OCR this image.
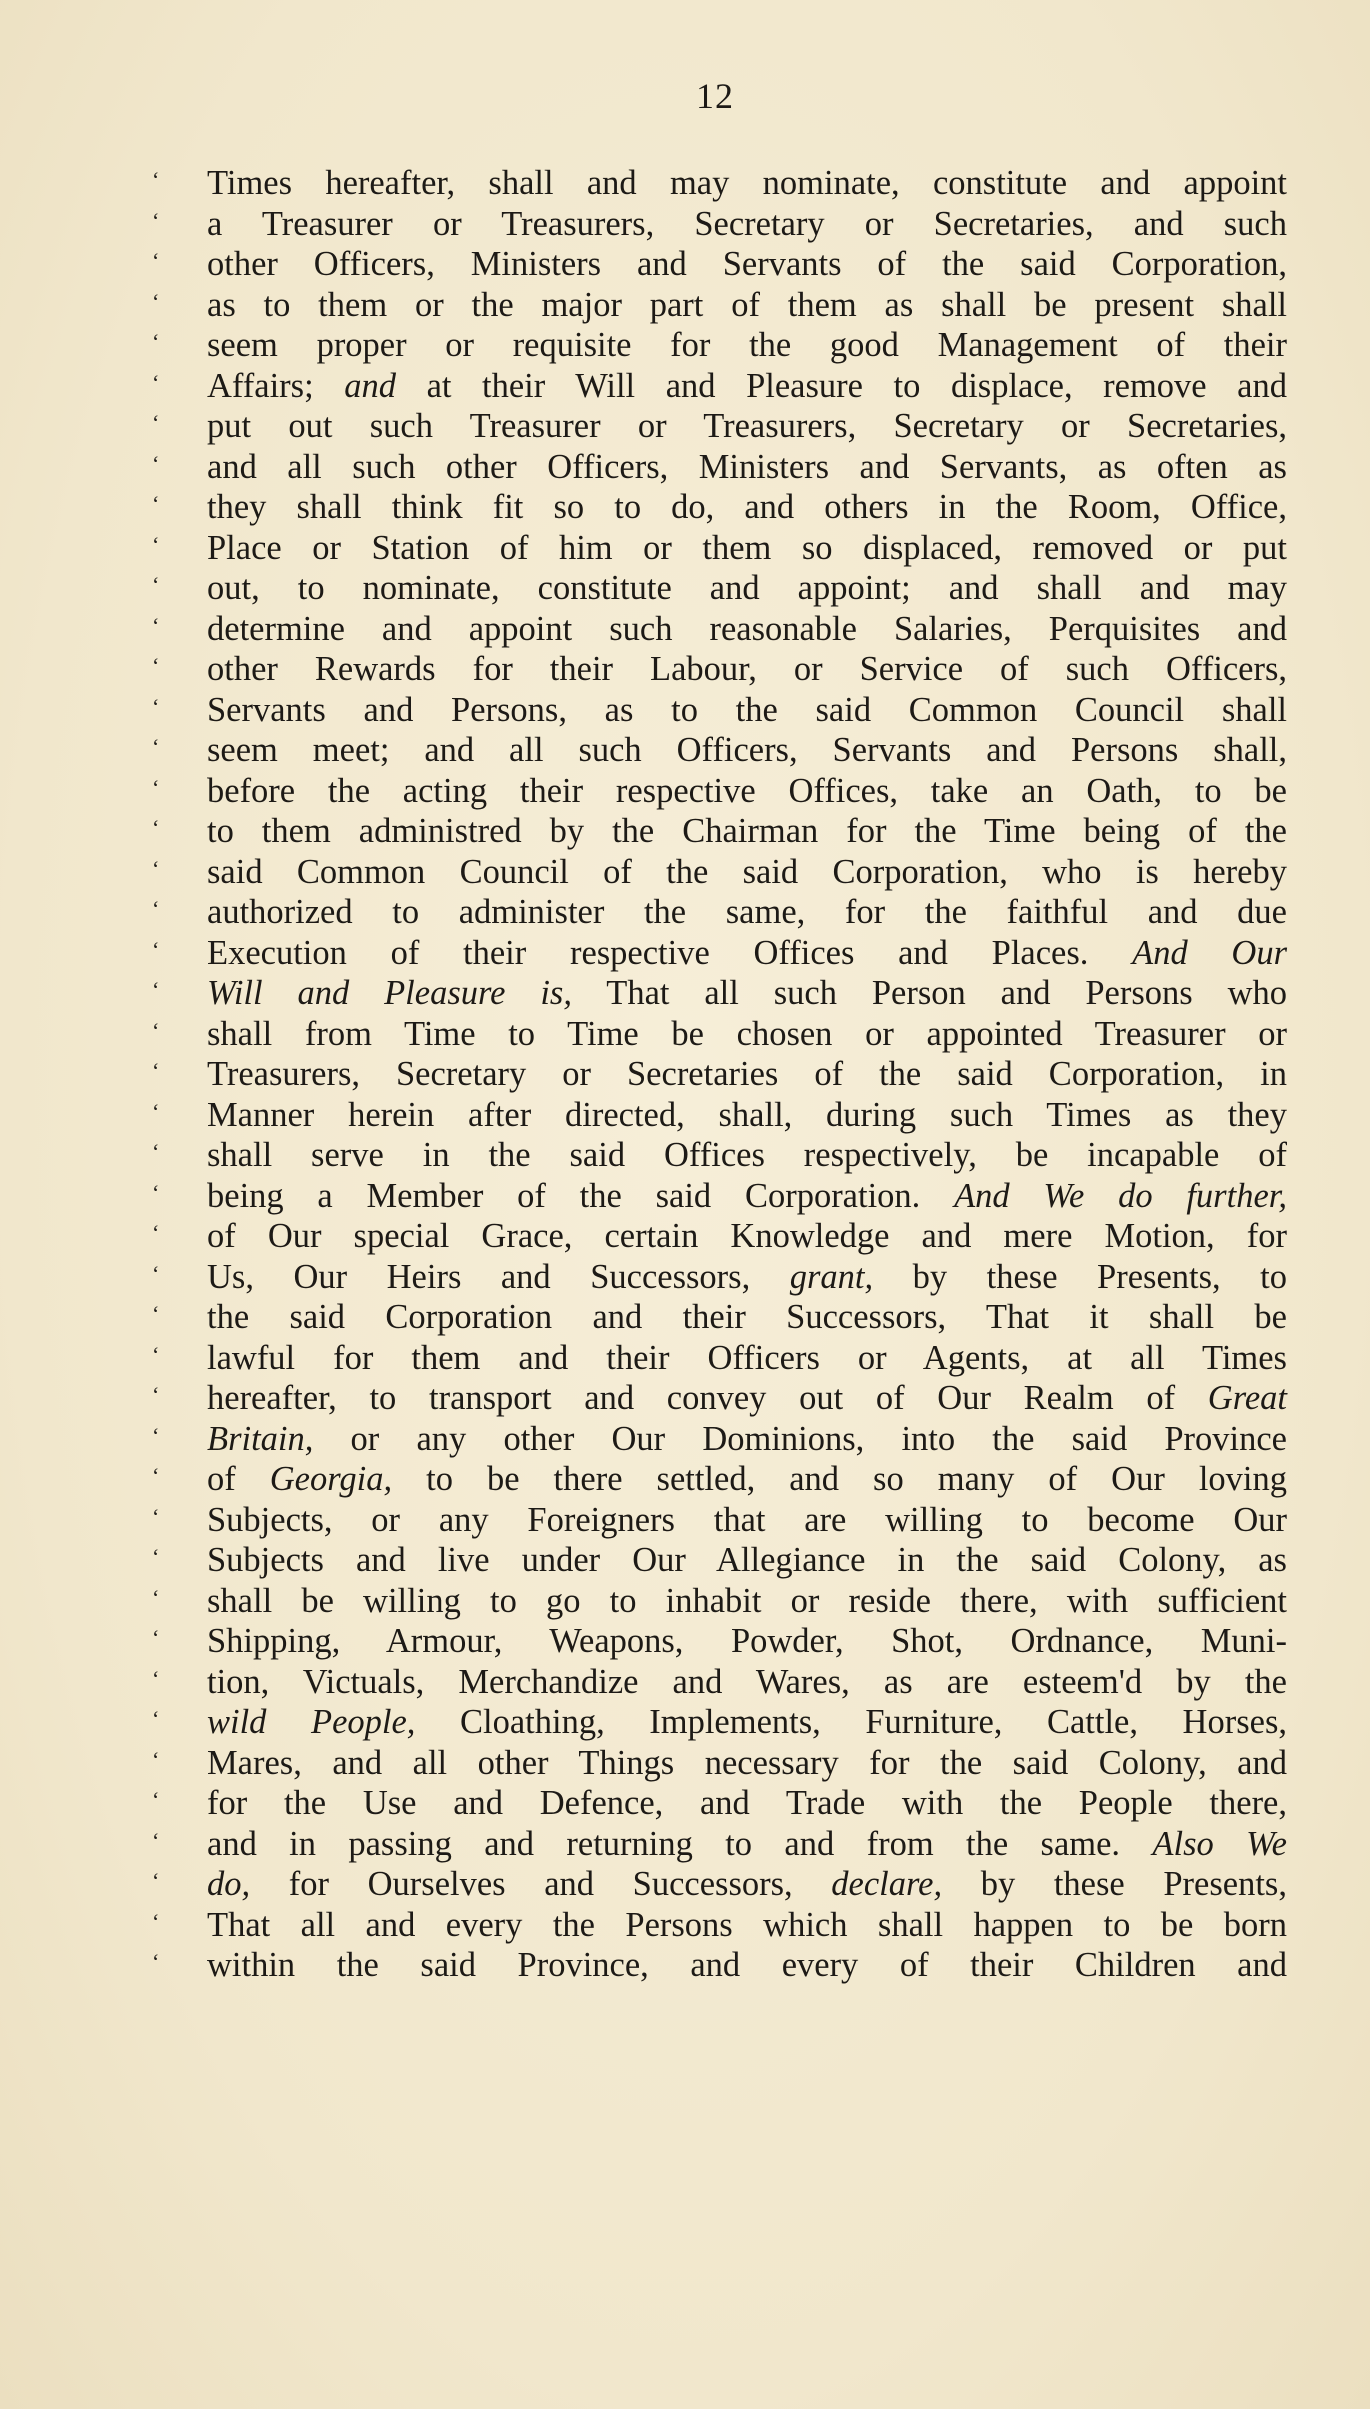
12
‘	Times hereafter, shall and may nominate, constitute and appoint
‘	a Treasurer or Treasurers, Secretary or Secretaries, and such
‘	other Officers, Ministers and Servants of the said Corporation,
‘	as to them or the major part of them as shall be present shall
‘	seem proper or requisite for the good Management of their
‘	Affairs; and at their Will and Pleasure to displace, remove and
‘	put out such Treasurer or Treasurers, Secretary or Secretaries,
‘	and all such other Officers, Ministers and Servants, as often as
‘	they shall think fit so to do, and others in the Room, Office,
‘	Place or Station of him or them so displaced, removed or put
‘	out, to nominate, constitute and appoint; and shall and may
‘	determine and appoint such reasonable Salaries, Perquisites and
‘	other Rewards for their Labour, or Service of such Officers,
‘	Servants and Persons, as to the said Common Council shall
‘	seem meet; and all such Officers, Servants and Persons shall,
‘	before the acting their respective Offices, take an Oath, to be
‘	to them administred by the Chairman for the Time being of the
‘	said Common Council of the said Corporation, who is hereby
‘	authorized to administer the same, for the faithful and due
‘	Execution of their respective Offices and Places. And Our
‘	Will and Pleasure is, That all such Person and Persons who
‘	shall from Time to Time be chosen or appointed Treasurer or
‘	Treasurers, Secretary or Secretaries of the said Corporation, in
‘	Manner herein after directed, shall, during such Times as they
‘	shall serve in the said Offices respectively, be incapable of
‘	being a Member of the said Corporation. And We do further,
‘	of Our special Grace, certain Knowledge and mere Motion, for
‘	Us, Our Heirs and Successors, grant, by these Presents, to
‘	the said Corporation and their Successors, That it shall be
‘	lawful for them and their Officers or Agents, at all Times
‘	hereafter, to transport and convey out of Our Realm of Great
‘	Britain, or any other Our Dominions, into the said Province
‘	of Georgia, to be there settled, and so many of Our loving
‘	Subjects, or any Foreigners that are willing to become Our
‘	Subjects and live under Our Allegiance in the said Colony, as
‘	shall be willing to go to inhabit or reside there, with sufficient
‘	Shipping, Armour, Weapons, Powder, Shot, Ordnance, Muni-
‘	tion, Victuals, Merchandize and Wares, as are esteem'd by the
‘	wild People, Cloathing, Implements, Furniture, Cattle, Horses,
‘	Mares, and all other Things necessary for the said Colony, and
‘	for the Use and Defence, and Trade with the People there,
‘	and in passing and returning to and from the same. Also We
‘	do, for Ourselves and Successors, declare, by these Presents,
‘	That all and every the Persons which shall happen to be born
‘	within the said Province, and every of their Children and
